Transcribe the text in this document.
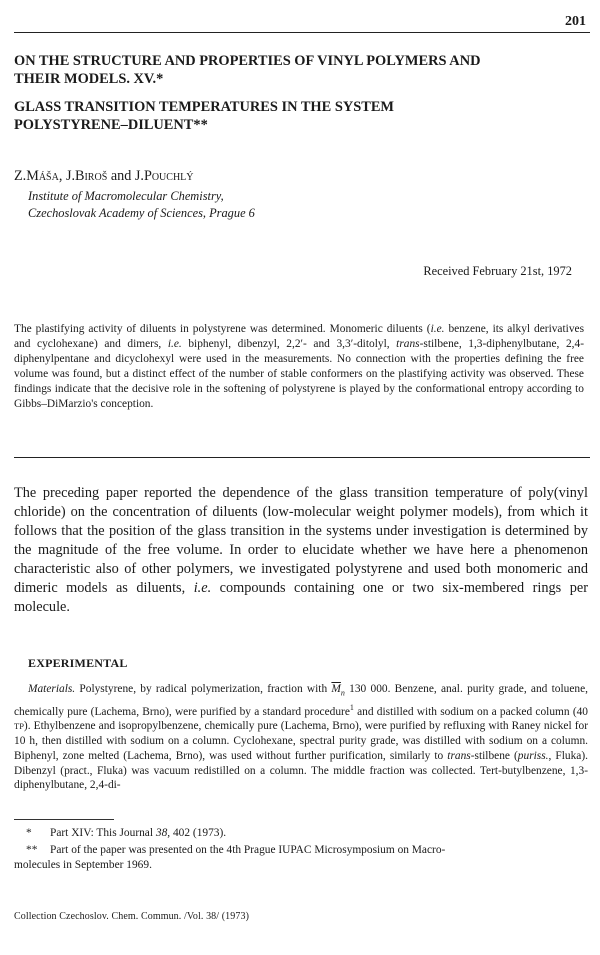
201
ON THE STRUCTURE AND PROPERTIES OF VINYL POLYMERS AND
THEIR MODELS. XV.*
GLASS TRANSITION TEMPERATURES IN THE SYSTEM
POLYSTYRENE–DILUENT**
Z.Máša, J.Biroš and J.Pouchlý
Institute of Macromolecular Chemistry,
Czechoslovak Academy of Sciences, Prague 6
Received February 21st, 1972

The plastifying activity of diluents in polystyrene was determined. Monomeric diluents (i.e. benzene, its alkyl derivatives and cyclohexane) and dimers, i.e. biphenyl, dibenzyl, 2,2′- and 3,3′-ditolyl, trans-stilbene, 1,3-diphenylbutane, 2,4-diphenylpentane and dicyclohexyl were used in the measurements. No connection with the properties defining the free volume was found, but a distinct effect of the number of stable conformers on the plastifying activity was observed. These findings indicate that the decisive role in the softening of polystyrene is played by the conformational entropy according to Gibbs–DiMarzio's conception.

The preceding paper reported the dependence of the glass transition temperature of poly(vinyl chloride) on the concentration of diluents (low-molecular weight polymer models), from which it follows that the position of the glass transition in the systems under investigation is determined by the magnitude of the free volume. In order to elucidate whether we have here a phenomenon characteristic also of other polymers, we investigated polystyrene and used both monomeric and dimeric models as diluents, i.e. compounds containing one or two six-membered rings per molecule.

EXPERIMENTAL

Materials. Polystyrene, by radical polymerization, fraction with $\overline{M}_n$ 130 000. Benzene, anal. purity grade, and toluene, chemically pure (Lachema, Brno), were purified by a standard procedure$^1$ and distilled with sodium on a packed column (40 TP). Ethylbenzene and isopropylbenzene, chemically pure (Lachema, Brno), were purified by refluxing with Raney nickel for 10 h, then distilled with sodium on a column. Cyclohexane, spectral purity grade, was distilled with sodium on a column. Biphenyl, zone melted (Lachema, Brno), was used without further purification, similarly to trans-stilbene (puriss., Fluka). Dibenzyl (pract., Fluka) was vacuum redistilled on a column. The middle fraction was collected. Tert-butylbenzene, 1,3-diphenylbutane, 2,4-di-

* Part XIV: This Journal 38, 402 (1973).
** Part of the paper was presented on the 4th Prague IUPAC Microsymposium on Macro-
molecules in September 1969.
Collection Czechoslov. Chem. Commun. /Vol. 38/ (1973)
